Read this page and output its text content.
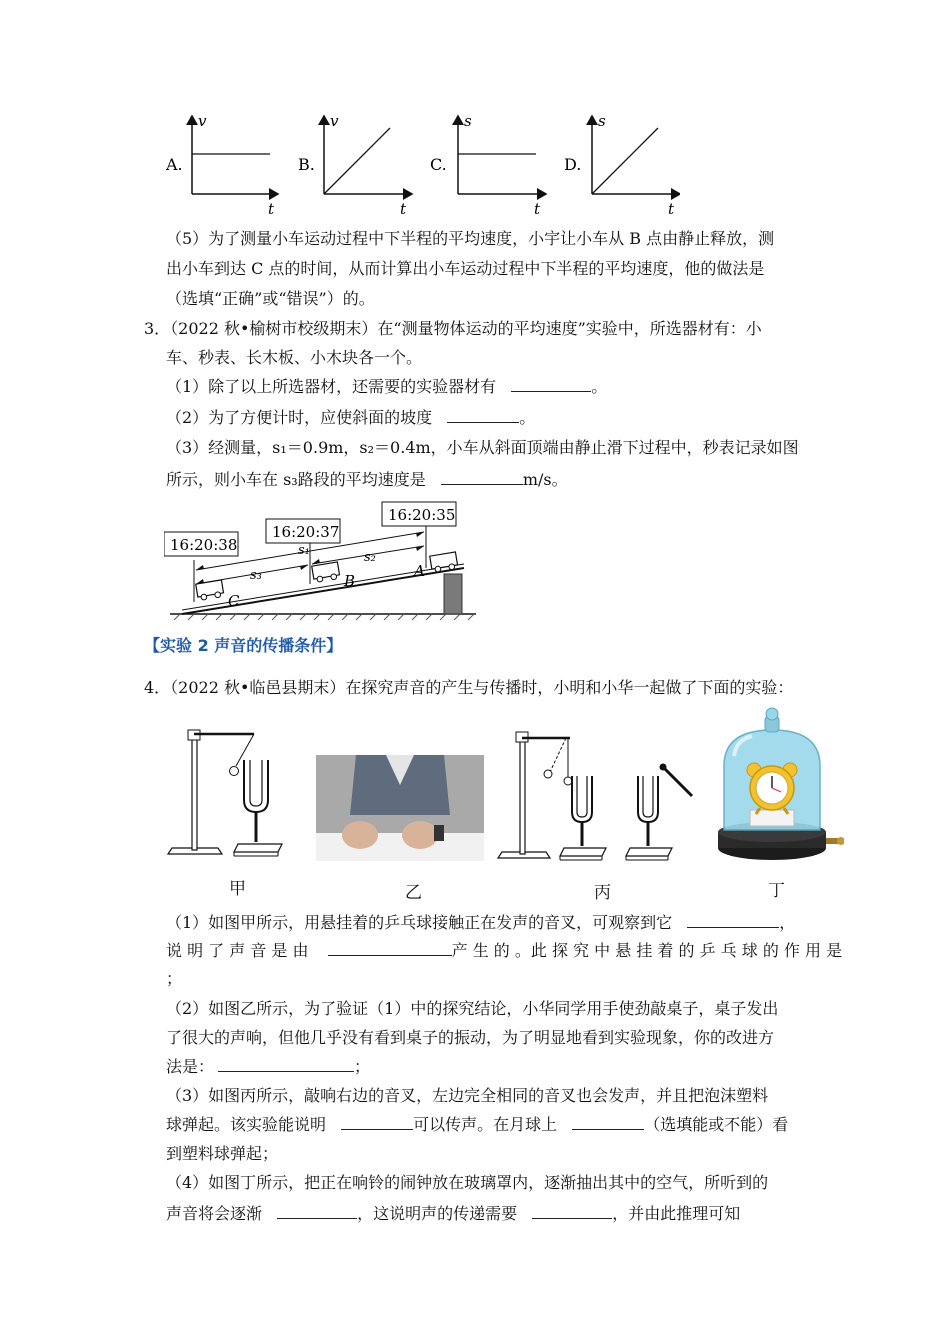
A.
v
t
B.
v
t
C.
s
t
D.
s
t
（5）为了测量小车运动过程中下半程的平均速度，小宇让小车从 B 点由静止释放，测
出小车到达 C 点的时间，从而计算出小车运动过程中下半程的平均速度，他的做法是
（选填“正确”或“错误”）的。
3．（2022 秋•榆树市校级期末）在“测量物体运动的平均速度”实验中，所选器材有：小
车、秒表、长木板、小木块各一个。
（1）除了以上所选器材，还需要的实验器材有	。
（2）为了方便计时，应使斜面的坡度	。
（3）经测量，s₁＝0.9m，s₂＝0.4m，小车从斜面顶端由静止滑下过程中，秒表记录如图
所示，则小车在 s₃路段的平均速度是	m/s。
s₁
s₃
s₂
C
B
A
16:20:38
16:20:37
16:20:35
【实验 2 声音的传播条件】
4．（2022 秋•临邑县期末）在探究声音的产生与传播时，小明和小华一起做了下面的实验：
甲	乙	丙	丁
（1）如图甲所示，用悬挂着的乒乓球接触正在发声的音叉，可观察到它	，
说 明 了 声 音 是 由	产 生 的 。此 探 究 中 悬 挂 着 的 乒 乓 球 的 作 用 是
；
（2）如图乙所示，为了验证（1）中的探究结论，小华同学用手使劲敲桌子，桌子发出
了很大的声响，但他几乎没有看到桌子的振动，为了明显地看到实验现象，你的改进方
法是：	；
（3）如图丙所示，敲响右边的音叉，左边完全相同的音叉也会发声，并且把泡沫塑料
球弹起。该实验能说明	可以传声。在月球上	（选填能或不能）看
到塑料球弹起；
（4）如图丁所示，把正在响铃的闹钟放在玻璃罩内，逐渐抽出其中的空气，所听到的
声音将会逐渐	，这说明声的传递需要	，并由此推理可知
